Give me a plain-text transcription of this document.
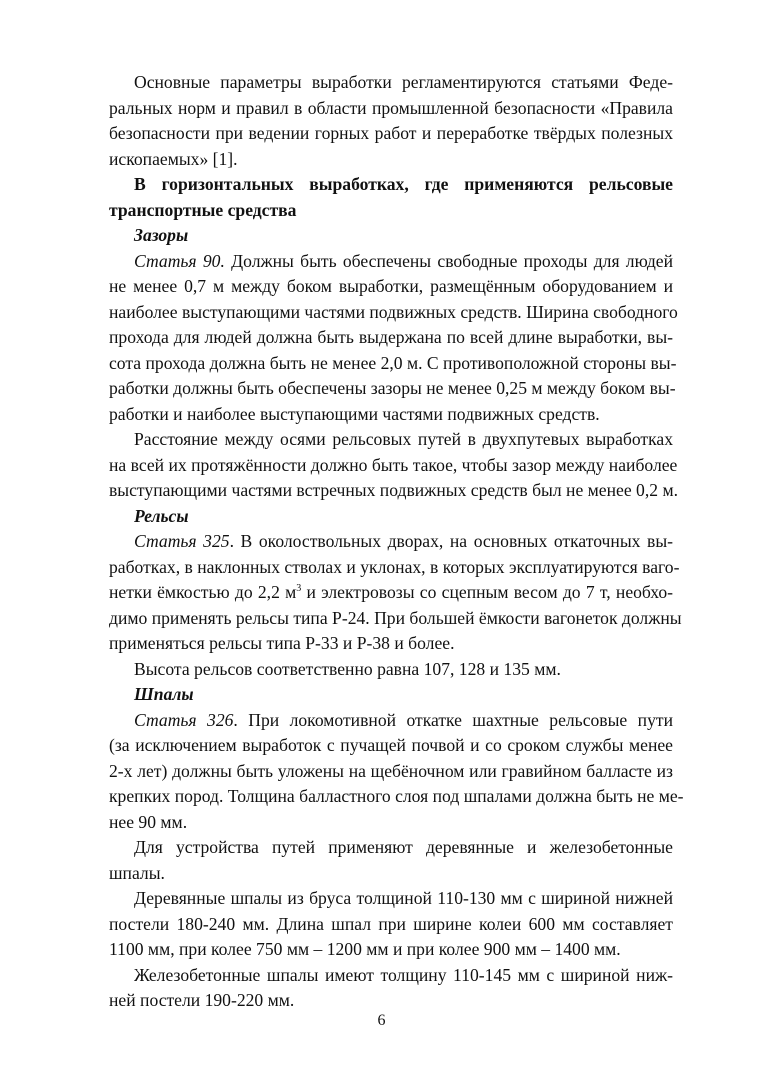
Основные параметры выработки регламентируются статьями Феде-
ральных норм и правил в области промышленной безопасности «Правила
безопасности при ведении горных работ и переработке твёрдых полезных
ископаемых» [1].
В горизонтальных выработках, где применяются рельсовые
транспортные средства
Зазоры
Статья 90. Должны быть обеспечены свободные проходы для людей
не менее 0,7 м между боком выработки, размещённым оборудованием и
наиболее выступающими частями подвижных средств. Ширина свободного
прохода для людей должна быть выдержана по всей длине выработки, вы-
сота прохода должна быть не менее 2,0 м. С противоположной стороны вы-
работки должны быть обеспечены зазоры не менее 0,25 м между боком вы-
работки и наиболее выступающими частями подвижных средств.
Расстояние между осями рельсовых путей в двухпутевых выработках
на всей их протяжённости должно быть такое, чтобы зазор между наиболее
выступающими частями встречных подвижных средств был не менее 0,2 м.
Рельсы
Статья 325. В околоствольных дворах, на основных откаточных вы-
работках, в наклонных стволах и уклонах, в которых эксплуатируются ваго-
нетки ёмкостью до 2,2 $м^3$ и электровозы со сцепным весом до 7 т, необхо-
димо применять рельсы типа Р-24. При большей ёмкости вагонеток должны
применяться рельсы типа Р-33 и Р-38 и более.
Высота рельсов соответственно равна 107, 128 и 135 мм.
Шпалы
Статья 326. При локомотивной откатке шахтные рельсовые пути
(за исключением выработок с пучащей почвой и со сроком службы менее
2-х лет) должны быть уложены на щебёночном или гравийном балласте из
крепких пород. Толщина балластного слоя под шпалами должна быть не ме-
нее 90 мм.
Для устройства путей применяют деревянные и железобетонные
шпалы.
Деревянные шпалы из бруса толщиной 110-130 мм с шириной нижней
постели 180-240 мм. Длина шпал при ширине колеи 600 мм составляет
1100 мм, при колее 750 мм – 1200 мм и при колее 900 мм – 1400 мм.
Железобетонные шпалы имеют толщину 110-145 мм с шириной ниж-
ней постели 190-220 мм.
6
